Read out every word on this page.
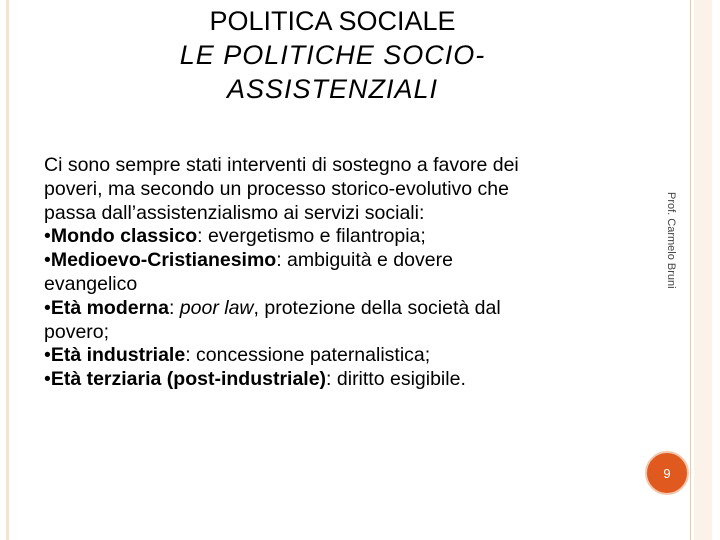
POLITICA SOCIALE
LE POLITICHE SOCIO-
ASSISTENZIALI
Ci sono sempre stati interventi di sostegno a favore dei
poveri, ma secondo un processo storico-evolutivo che
passa dall’assistenzialismo ai servizi sociali:
•Mondo classico: evergetismo e filantropia;
•Medioevo-Cristianesimo: ambiguità e dovere
evangelico
•Età moderna: poor law, protezione della società dal
povero;
•Età industriale: concessione paternalistica;
•Età terziaria (post-industriale): diritto esigibile.
Prof. Carmelo Bruni
9
